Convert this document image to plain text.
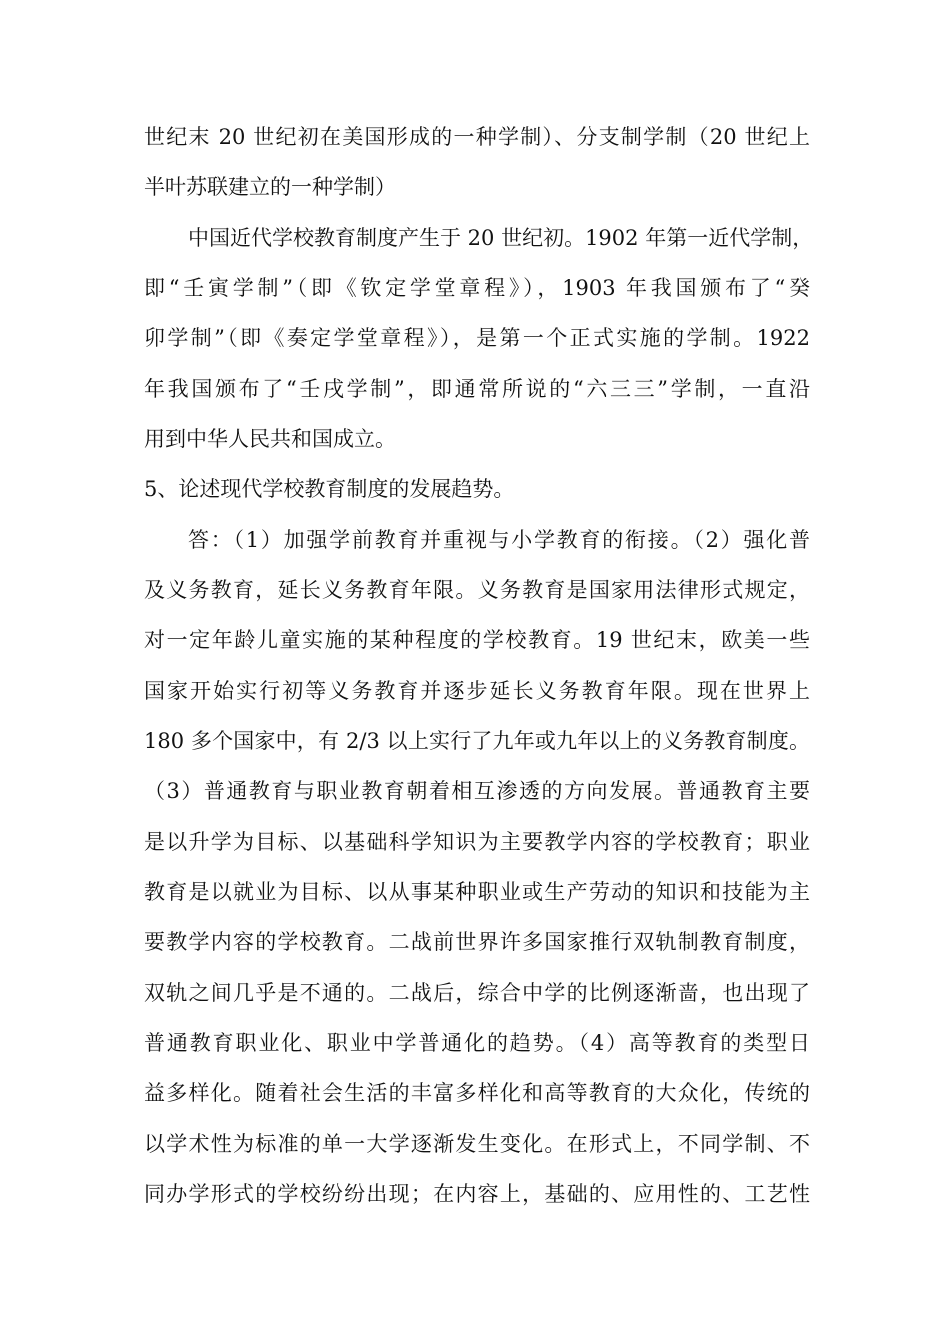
世纪末 20 世纪初在美国形成的一种学制）、分支制学制（20 世纪上
半叶苏联建立的一种学制）
中国近代学校教育制度产生于 20 世纪初。1902 年第一近代学制，
即“壬寅学制”（即《钦定学堂章程》），1903 年我国颁布了“癸
卯学制”（即《奏定学堂章程》），是第一个正式实施的学制。1922
年我国颁布了“壬戌学制”，即通常所说的“六三三”学制，一直沿
用到中华人民共和国成立。
5、论述现代学校教育制度的发展趋势。
答：（1）加强学前教育并重视与小学教育的衔接。（2）强化普
及义务教育，延长义务教育年限。义务教育是国家用法律形式规定，
对一定年龄儿童实施的某种程度的学校教育。19 世纪末，欧美一些
国家开始实行初等义务教育并逐步延长义务教育年限。现在世界上
180 多个国家中，有 2/3 以上实行了九年或九年以上的义务教育制度。
（3）普通教育与职业教育朝着相互渗透的方向发展。普通教育主要
是以升学为目标、以基础科学知识为主要教学内容的学校教育；职业
教育是以就业为目标、以从事某种职业或生产劳动的知识和技能为主
要教学内容的学校教育。二战前世界许多国家推行双轨制教育制度，
双轨之间几乎是不通的。二战后，综合中学的比例逐渐啬，也出现了
普通教育职业化、职业中学普通化的趋势。（4）高等教育的类型日
益多样化。随着社会生活的丰富多样化和高等教育的大众化，传统的
以学术性为标准的单一大学逐渐发生变化。在形式上，不同学制、不
同办学形式的学校纷纷出现；在内容上，基础的、应用性的、工艺性
